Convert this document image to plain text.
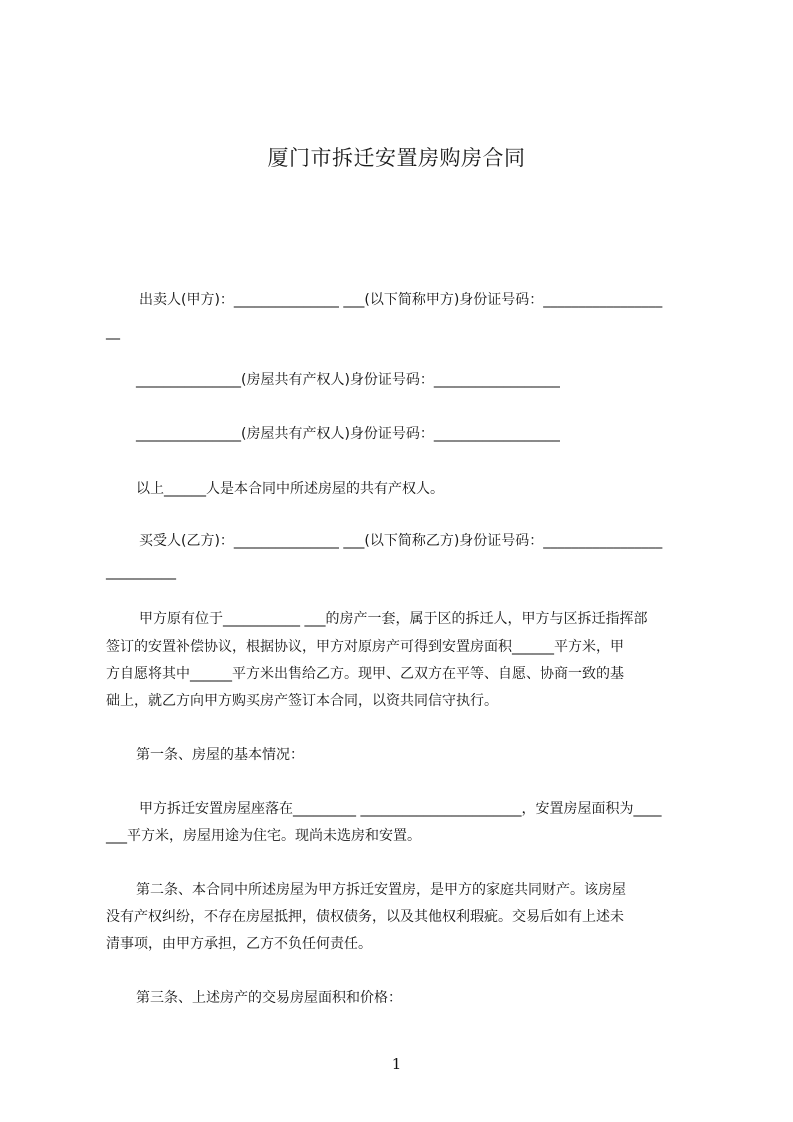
厦门市拆迁安置房购房合同
出卖人(甲方)：_______________ ___(以下简称甲方)身份证号码：_________________
__
_______________(房屋共有产权人)身份证号码：__________________
_______________(房屋共有产权人)身份证号码：__________________
以上______人是本合同中所述房屋的共有产权人。
买受人(乙方)：_______________ ___(以下简称乙方)身份证号码：_________________
__________
甲方原有位于___________ ___的房产一套，属于区的拆迁人，甲方与区拆迁指挥部
签订的安置补偿协议，根据协议，甲方对原房产可得到安置房面积______平方米，甲
方自愿将其中______平方米出售给乙方。现甲、乙双方在平等、自愿、协商一致的基
础上，就乙方向甲方购买房产签订本合同，以资共同信守执行。
第一条、房屋的基本情况：
甲方拆迁安置房屋座落在_________ _______________________，安置房屋面积为____
___平方米，房屋用途为住宅。现尚未选房和安置。
第二条、本合同中所述房屋为甲方拆迁安置房，是甲方的家庭共同财产。该房屋
没有产权纠纷，不存在房屋抵押，债权债务，以及其他权利瑕疵。交易后如有上述未
清事项，由甲方承担，乙方不负任何责任。
第三条、上述房产的交易房屋面积和价格：
1
